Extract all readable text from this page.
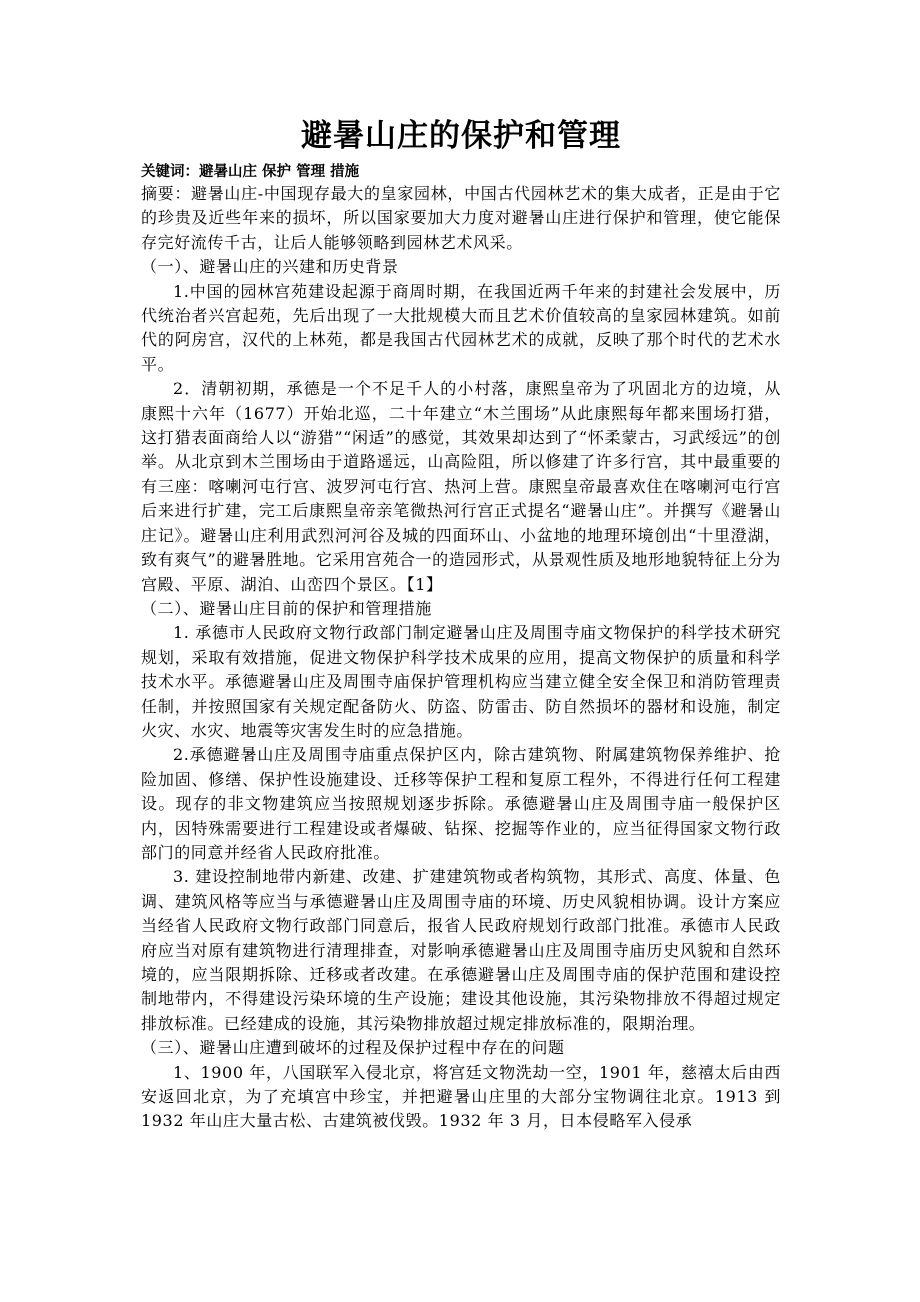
避暑山庄的保护和管理
关键词：避暑山庄 保护 管理 措施

摘要：避暑山庄-中国现存最大的皇家园林，中国古代园林艺术的集大成者，正是由于它的珍贵及近些年来的损坏，所以国家要加大力度对避暑山庄进行保护和管理，使它能保存完好流传千古，让后人能够领略到园林艺术风采。

（一）、避暑山庄的兴建和历史背景

1.中国的园林宫苑建设起源于商周时期，在我国近两千年来的封建社会发展中，历代统治者兴宫起苑，先后出现了一大批规模大而且艺术价值较高的皇家园林建筑。如前代的阿房宫，汉代的上林苑，都是我国古代园林艺术的成就，反映了那个时代的艺术水平。

2．清朝初期，承德是一个不足千人的小村落，康熙皇帝为了巩固北方的边境，从康熙十六年（1677）开始北巡，二十年建立“木兰围场”从此康熙每年都来围场打猎，这打猎表面商给人以“游猎”“闲适”的感觉，其效果却达到了“怀柔蒙古，习武绥远”的创举。从北京到木兰围场由于道路遥远，山高险阻，所以修建了许多行宫，其中最重要的有三座：喀喇河屯行宫、波罗河屯行宫、热河上营。康熙皇帝最喜欢住在喀喇河屯行宫后来进行扩建，完工后康熙皇帝亲笔微热河行宫正式提名“避暑山庄”。并撰写《避暑山庄记》。避暑山庄利用武烈河河谷及城的四面环山、小盆地的地理环境创出“十里澄湖，致有爽气”的避暑胜地。它采用宫苑合一的造园形式，从景观性质及地形地貌特征上分为宫殿、平原、湖泊、山峦四个景区。【1】

（二）、避暑山庄目前的保护和管理措施

1. 承德市人民政府文物行政部门制定避暑山庄及周围寺庙文物保护的科学技术研究规划，采取有效措施，促进文物保护科学技术成果的应用，提高文物保护的质量和科学技术水平。承德避暑山庄及周围寺庙保护管理机构应当建立健全安全保卫和消防管理责任制，并按照国家有关规定配备防火、防盗、防雷击、防自然损坏的器材和设施，制定火灾、水灾、地震等灾害发生时的应急措施。

2.承德避暑山庄及周围寺庙重点保护区内，除古建筑物、附属建筑物保养维护、抢险加固、修缮、保护性设施建设、迁移等保护工程和复原工程外，不得进行任何工程建设。现存的非文物建筑应当按照规划逐步拆除。承德避暑山庄及周围寺庙一般保护区内，因特殊需要进行工程建设或者爆破、钻探、挖掘等作业的，应当征得国家文物行政部门的同意并经省人民政府批准。

3. 建设控制地带内新建、改建、扩建建筑物或者构筑物，其形式、高度、体量、色调、建筑风格等应当与承德避暑山庄及周围寺庙的环境、历史风貌相协调。设计方案应当经省人民政府文物行政部门同意后，报省人民政府规划行政部门批准。承德市人民政府应当对原有建筑物进行清理排查，对影响承德避暑山庄及周围寺庙历史风貌和自然环境的，应当限期拆除、迁移或者改建。在承德避暑山庄及周围寺庙的保护范围和建设控制地带内，不得建设污染环境的生产设施；建设其他设施，其污染物排放不得超过规定排放标准。已经建成的设施，其污染物排放超过规定排放标准的，限期治理。

（三）、避暑山庄遭到破坏的过程及保护过程中存在的问题

1、1900 年，八国联军入侵北京，将宫廷文物洗劫一空，1901 年，慈禧太后由西安返回北京，为了充填宫中珍宝，并把避暑山庄里的大部分宝物调往北京。1913 到 1932 年山庄大量古松、古建筑被伐毁。1932 年 3 月，日本侵略军入侵承
